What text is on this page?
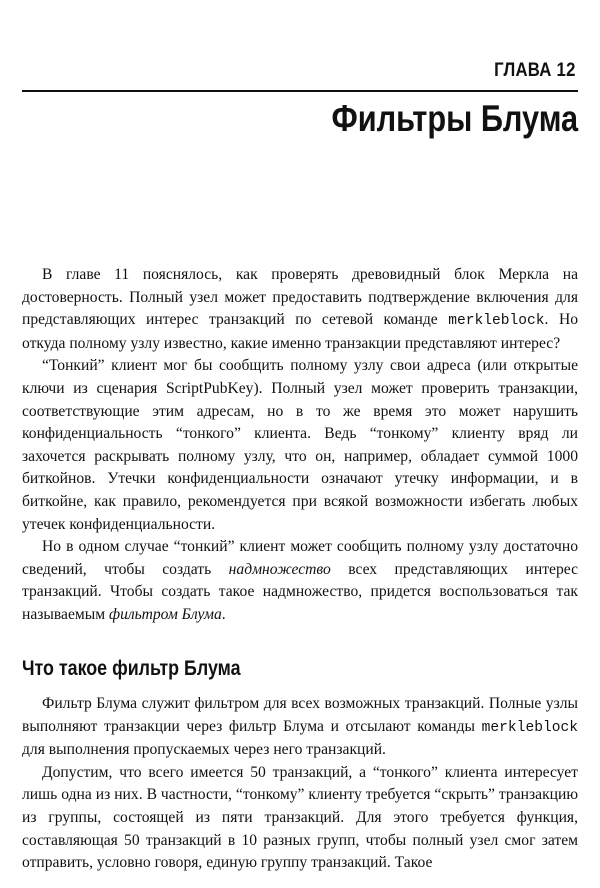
ГЛАВА 12
Фильтры Блума

В главе 11 пояснялось, как проверять древовидный блок Меркла на достоверность. Полный узел может предоставить подтверждение включения для представляющих интерес транзакций по сетевой команде merkleblock. Но откуда полному узлу известно, какие именно транзакции представляют интерес?

“Тонкий” клиент мог бы сообщить полному узлу свои адреса (или открытые ключи из сценария ScriptPubKey). Полный узел может проверить транзакции, соответствующие этим адресам, но в то же время это может нарушить конфиденциальность “тонкого” клиента. Ведь “тонкому” клиенту вряд ли захочется раскрывать полному узлу, что он, например, обладает суммой 1000 биткойнов. Утечки конфиденциальности означают утечку информации, и в биткойне, как правило, рекомендуется при всякой возможности избегать любых утечек конфиденциальности.

Но в одном случае “тонкий” клиент может сообщить полному узлу достаточно сведений, чтобы создать надмножество всех представляющих интерес транзакций. Чтобы создать такое надмножество, придется воспользоваться так называемым фильтром Блума.

Что такое фильтр Блума

Фильтр Блума служит фильтром для всех возможных транзакций. Полные узлы выполняют транзакции через фильтр Блума и отсылают команды merkleblock для выполнения пропускаемых через него транзакций.

Допустим, что всего имеется 50 транзакций, а “тонкого” клиента интересует лишь одна из них. В частности, “тонкому” клиенту требуется “скрыть” транзакцию из группы, состоящей из пяти транзакций. Для этого требуется функция, составляющая 50 транзакций в 10 разных групп, чтобы полный узел смог затем отправить, условно говоря, единую группу транзакций. Такое
